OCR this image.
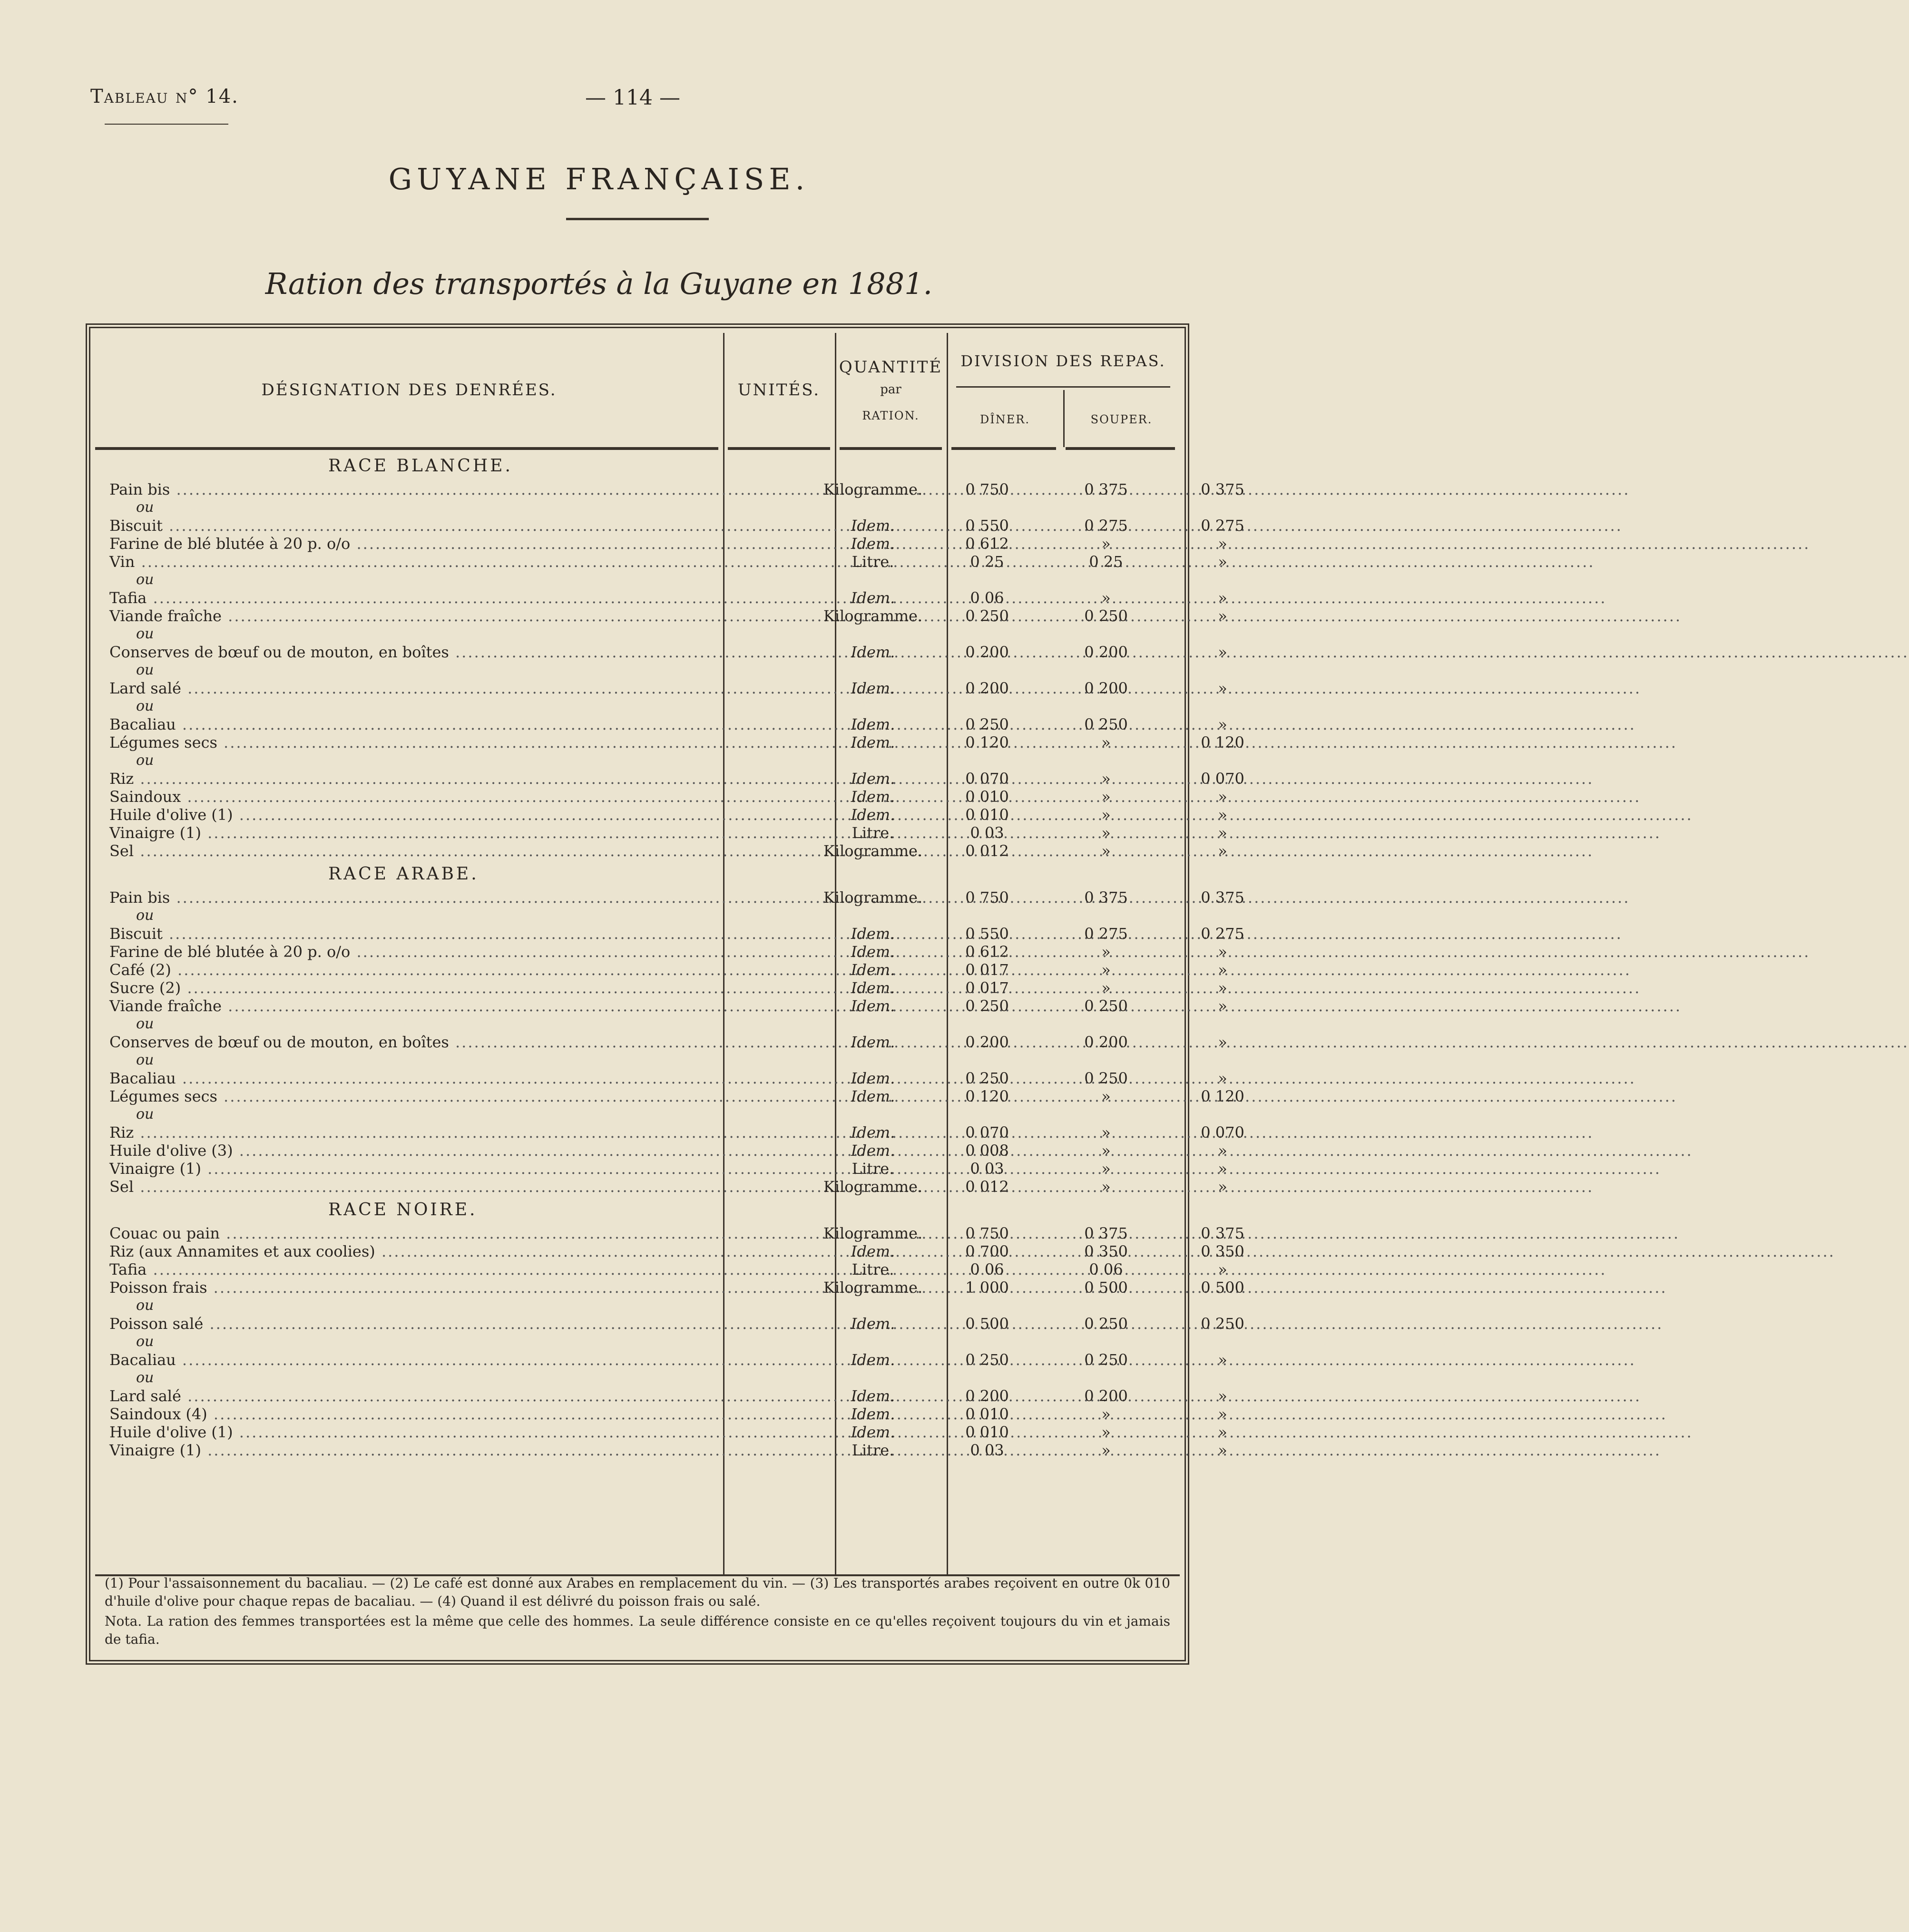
Tableau n° 14.	— 114 —
GUYANE FRANÇAISE.
Ration des transportés à la Guyane en 1881.
DÉSIGNATION DES DENRÉES.	UNITÉS.
QUANTITÉ
par
RATION.
DIVISION DES REPAS.
DÎNER.	SOUPER.
RACE BLANCHE.
Pain bis .....	Kilogramme.	0 750	0 375	0 375
ou
Biscuit .....	Idem.	0 550	0 275	0 275
Farine de blé blutée à 20 p. o/o .....	Idem.	0 612	»	»
Vin .....	Litre.	0 25	0 25	»
ou
Tafia .....	Idem.	0 06	»	»
Viande fraîche .....	Kilogramme.	0 250	0 250	»
ou
Conserves de bœuf ou de mouton, en boîtes .....	Idem.	0 200	0 200	»
ou
Lard salé .....	Idem.	0 200	0 200	»
ou
Bacaliau .....	Idem.	0 250	0 250	»
Légumes secs .....	Idem.	0 120	»	0 120
ou
Riz .....	Idem.	0 070	»	0 070
Saindoux .....	Idem.	0 010	»	»
Huile d'olive (1) .....	Idem.	0 010	»	»
Vinaigre (1) .....	Litre.	0 03	»	»
Sel .....	Kilogramme.	0 012	»	»
RACE ARABE.
Pain bis .....	Kilogramme.	0 750	0 375	0 375
ou
Biscuit .....	Idem.	0 550	0 275	0 275
Farine de blé blutée à 20 p. o/o .....	Idem.	0 612	»	»
Café (2) .....	Idem.	0 017	»	»
Sucre (2) .....	Idem.	0 017	»	»
Viande fraîche .....	Idem.	0 250	0 250	»
ou
Conserves de bœuf ou de mouton, en boîtes .....	Idem.	0 200	0 200	»
ou
Bacaliau .....	Idem.	0 250	0 250	»
Légumes secs .....	Idem.	0 120	»	0 120
ou
Riz .....	Idem.	0 070	»	0 070
Huile d'olive (3) .....	Idem.	0 008	»	»
Vinaigre (1) .....	Litre.	0 03	»	»
Sel .....	Kilogramme.	0 012	»	»
RACE NOIRE.
Couac ou pain .....	Kilogramme.	0 750	0 375	0 375
Riz (aux Annamites et aux coolies) .....	Idem.	0 700	0 350	0 350
Tafia .....	Litre.	0 06	0 06	»
Poisson frais .....	Kilogramme.	1 000	0 500	0 500
ou
Poisson salé .....	Idem.	0 500	0 250	0 250
ou
Bacaliau .....	Idem.	0 250	0 250	»
ou
Lard salé .....	Idem.	0 200	0 200	»
Saindoux (4) .....	Idem.	0 010	»	»
Huile d'olive (1) .....	Idem.	0 010	»	»
Vinaigre (1) .....	Litre.	0 03	»	»

(1) Pour l'assaisonnement du bacaliau. — (2) Le café est donné aux Arabes en remplacement du vin. — (3) Les transportés arabes reçoivent en outre 0k 010 d'huile d'olive pour chaque repas de bacaliau. — (4) Quand il est délivré du poisson frais ou salé.

Nota. La ration des femmes transportées est la même que celle des hommes. La seule différence consiste en ce qu'elles reçoivent toujours du vin et jamais de tafia.
